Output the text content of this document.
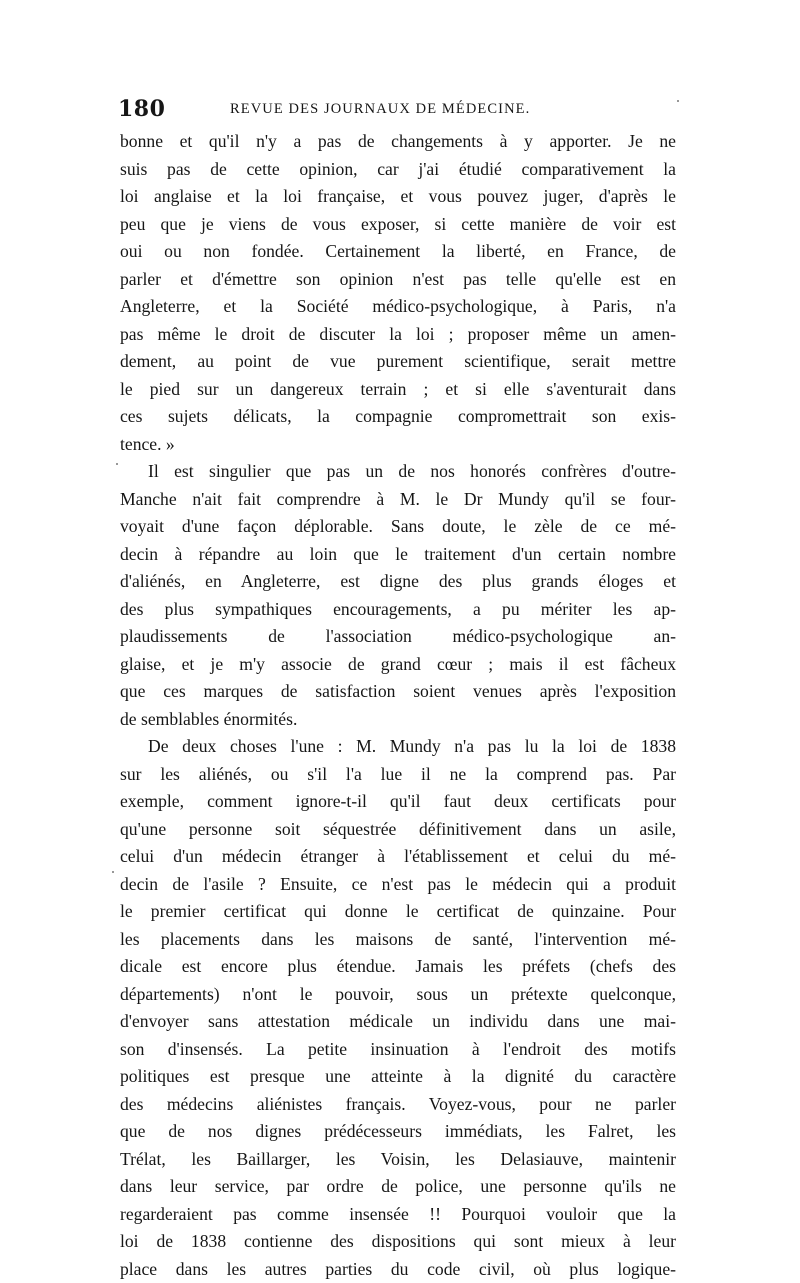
180	REVUE DES JOURNAUX DE MÉDECINE.
bonne et qu'il n'y a pas de changements à y apporter. Je ne
suis pas de cette opinion, car j'ai étudié comparativement la
loi anglaise et la loi française, et vous pouvez juger, d'après le
peu que je viens de vous exposer, si cette manière de voir est
oui ou non fondée. Certainement la liberté, en France, de
parler et d'émettre son opinion n'est pas telle qu'elle est en
Angleterre, et la Société médico-psychologique, à Paris, n'a
pas même le droit de discuter la loi ; proposer même un amen-
dement, au point de vue purement scientifique, serait mettre
le pied sur un dangereux terrain ; et si elle s'aventurait dans
ces sujets délicats, la compagnie compromettrait son exis-
tence. »
Il est singulier que pas un de nos honorés confrères d'outre-
Manche n'ait fait comprendre à M. le Dr Mundy qu'il se four-
voyait d'une façon déplorable. Sans doute, le zèle de ce mé-
decin à répandre au loin que le traitement d'un certain nombre
d'aliénés, en Angleterre, est digne des plus grands éloges et
des plus sympathiques encouragements, a pu mériter les ap-
plaudissements de l'association médico-psychologique an-
glaise, et je m'y associe de grand cœur ; mais il est fâcheux
que ces marques de satisfaction soient venues après l'exposition
de semblables énormités.
De deux choses l'une : M. Mundy n'a pas lu la loi de 1838
sur les aliénés, ou s'il l'a lue il ne la comprend pas. Par
exemple, comment ignore-t-il qu'il faut deux certificats pour
qu'une personne soit séquestrée définitivement dans un asile,
celui d'un médecin étranger à l'établissement et celui du mé-
decin de l'asile ? Ensuite, ce n'est pas le médecin qui a produit
le premier certificat qui donne le certificat de quinzaine. Pour
les placements dans les maisons de santé, l'intervention mé-
dicale est encore plus étendue. Jamais les préfets (chefs des
départements) n'ont le pouvoir, sous un prétexte quelconque,
d'envoyer sans attestation médicale un individu dans une mai-
son d'insensés. La petite insinuation à l'endroit des motifs
politiques est presque une atteinte à la dignité du caractère
des médecins aliénistes français. Voyez-vous, pour ne parler
que de nos dignes prédécesseurs immédiats, les Falret, les
Trélat, les Baillarger, les Voisin, les Delasiauve, maintenir
dans leur service, par ordre de police, une personne qu'ils ne
regarderaient pas comme insensée !! Pourquoi vouloir que la
loi de 1838 contienne des dispositions qui sont mieux à leur
place dans les autres parties du code civil, où plus logique-
